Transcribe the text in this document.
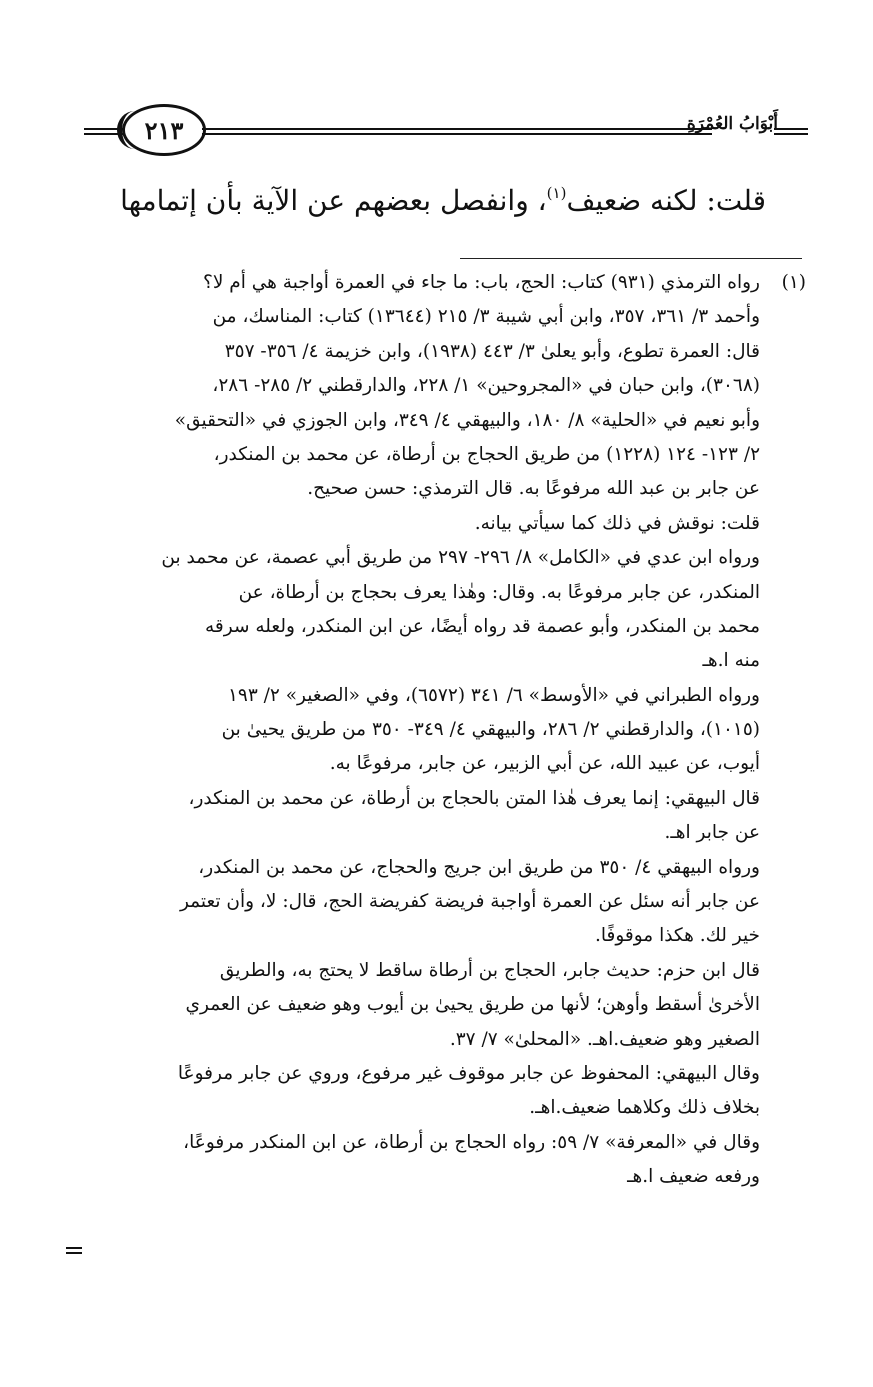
٢١٣	أَبْوَابُ العُمْرَةِ
قلت: لكنه ضعيف$^{(١)}$، وانفصل بعضهم عن الآية بأن إتمامها
(١)
رواه الترمذي (٩٣١) كتاب: الحج، باب: ما جاء في العمرة أواجبة هي أم لا؟
وأحمد ٣/ ٣٦١، ٣٥٧، وابن أبي شيبة ٣/ ٢١٥ (١٣٦٤٤) كتاب: المناسك، من
قال: العمرة تطوع، وأبو يعلىٰ ٣/ ٤٤٣ (١٩٣٨)، وابن خزيمة ٤/ ٣٥٦- ٣٥٧
(٣٠٦٨)، وابن حبان في «المجروحين» ١/ ٢٢٨، والدارقطني ٢/ ٢٨٥- ٢٨٦،
وأبو نعيم في «الحلية» ٨/ ١٨٠، والبيهقي ٤/ ٣٤٩، وابن الجوزي في «التحقيق»
٢/ ١٢٣- ١٢٤ (١٢٢٨) من طريق الحجاج بن أرطاة، عن محمد بن المنكدر،
عن جابر بن عبد الله مرفوعًا به. قال الترمذي: حسن صحيح.
قلت: نوقش في ذلك كما سيأتي بيانه.
ورواه ابن عدي في «الكامل» ٨/ ٢٩٦- ٢٩٧ من طريق أبي عصمة، عن محمد بن
المنكدر، عن جابر مرفوعًا به. وقال: وهٰذا يعرف بحجاج بن أرطاة، عن
محمد بن المنكدر، وأبو عصمة قد رواه أيضًا، عن ابن المنكدر، ولعله سرقه
منه ا.هـ
ورواه الطبراني في «الأوسط» ٦/ ٣٤١ (٦٥٧٢)، وفي «الصغير» ٢/ ١٩٣
(١٠١٥)، والدارقطني ٢/ ٢٨٦، والبيهقي ٤/ ٣٤٩- ٣٥٠ من طريق يحيىٰ بن
أيوب، عن عبيد الله، عن أبي الزبير، عن جابر، مرفوعًا به.
قال البيهقي: إنما يعرف هٰذا المتن بالحجاج بن أرطاة، عن محمد بن المنكدر،
عن جابر اهـ.
ورواه البيهقي ٤/ ٣٥٠ من طريق ابن جريج والحجاج، عن محمد بن المنكدر،
عن جابر أنه سئل عن العمرة أواجبة فريضة كفريضة الحج، قال: لا، وأن تعتمر
خير لك. هكذا موقوفًا.
قال ابن حزم: حديث جابر، الحجاج بن أرطاة ساقط لا يحتج به، والطريق
الأخرىٰ أسقط وأوهن؛ لأنها من طريق يحيىٰ بن أيوب وهو ضعيف عن العمري
الصغير وهو ضعيف.اهـ. «المحلىٰ» ٧/ ٣٧.
وقال البيهقي: المحفوظ عن جابر موقوف غير مرفوع، وروي عن جابر مرفوعًا
بخلاف ذلك وكلاهما ضعيف.اهـ.
وقال في «المعرفة» ٧/ ٥٩: رواه الحجاج بن أرطاة، عن ابن المنكدر مرفوعًا،
ورفعه ضعيف ا.هـ
